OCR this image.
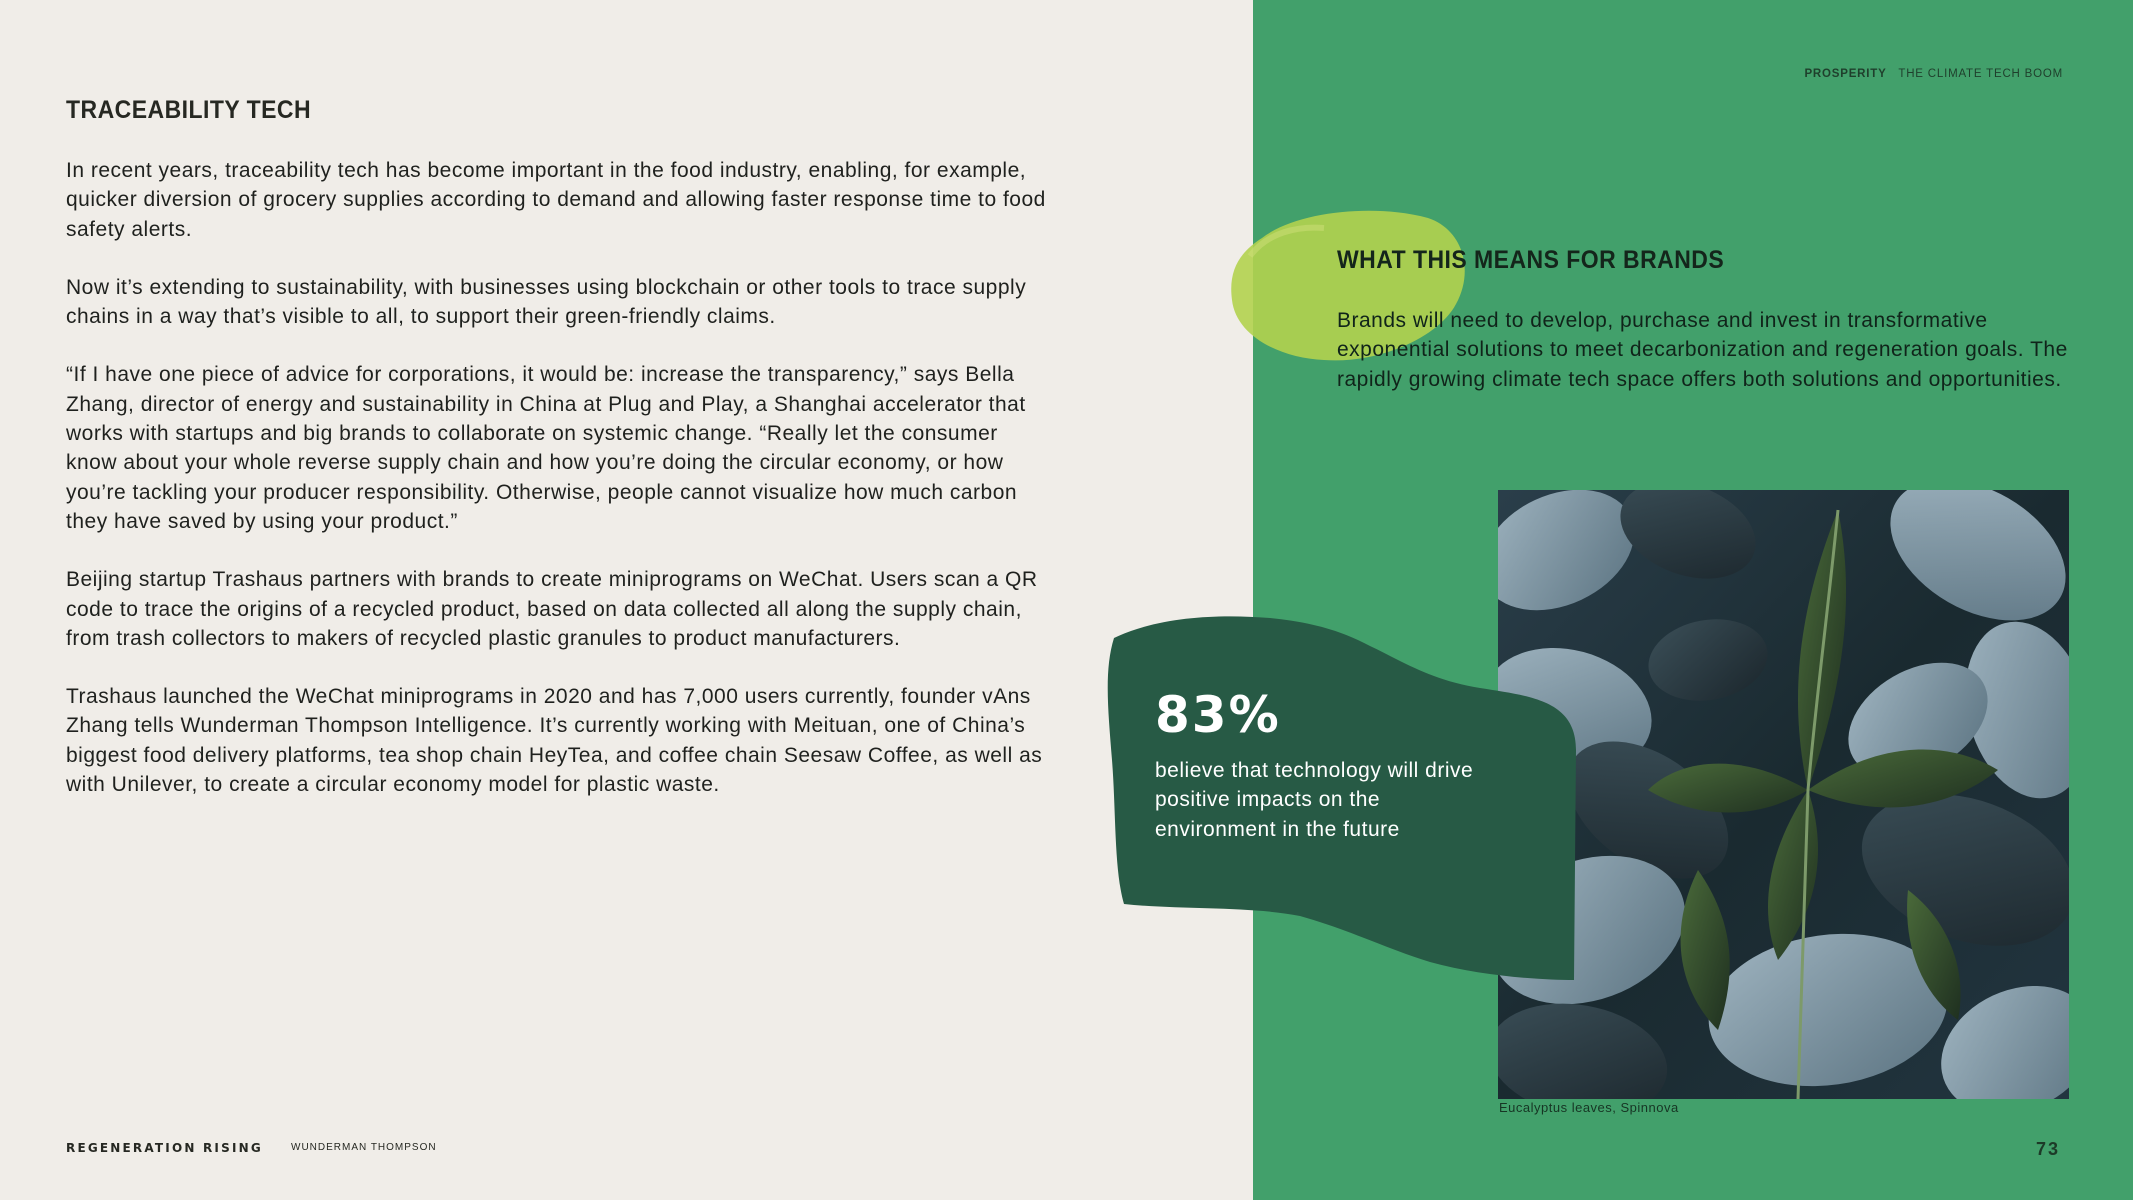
TRACEABILITY TECH

In recent years, traceability tech has become important in the food industry, enabling, for example, quicker diversion of grocery supplies according to demand and allowing faster response time to food safety alerts.

Now it’s extending to sustainability, with businesses using blockchain or other tools to trace supply chains in a way that’s visible to all, to support their green-friendly claims.

“If I have one piece of advice for corporations, it would be: increase the transparency,” says Bella Zhang, director of energy and sustainability in China at Plug and Play, a Shanghai accelerator that works with startups and big brands to collaborate on systemic change. “Really let the consumer know about your whole reverse supply chain and how you’re doing the circular economy, or how you’re tackling your producer responsibility. Otherwise, people cannot visualize how much carbon they have saved by using your product.”

Beijing startup Trashaus partners with brands to create miniprograms on WeChat. Users scan a QR code to trace the origins of a recycled product, based on data collected all along the supply chain, from trash collectors to makers of recycled plastic granules to product manufacturers.

Trashaus launched the WeChat miniprograms in 2020 and has 7,000 users currently, founder vAns Zhang tells Wunderman Thompson Intelligence. It’s currently working with Meituan, one of China’s biggest food delivery platforms, tea shop chain HeyTea, and coffee chain Seesaw Coffee, as well as with Unilever, to create a circular economy model for plastic waste.

REGENERATION RISING	WUNDERMAN THOMPSON
PROSPERITY THE CLIMATE TECH BOOM
WHAT THIS MEANS FOR BRANDS

Brands will need to develop, purchase and invest in transformative exponential solutions to meet decarbonization and regeneration goals. The rapidly growing climate tech space offers both solutions and opportunities.

Eucalyptus leaves, Spinnova
83%
believe that technology will drive positive impacts on the environment in the future
73
